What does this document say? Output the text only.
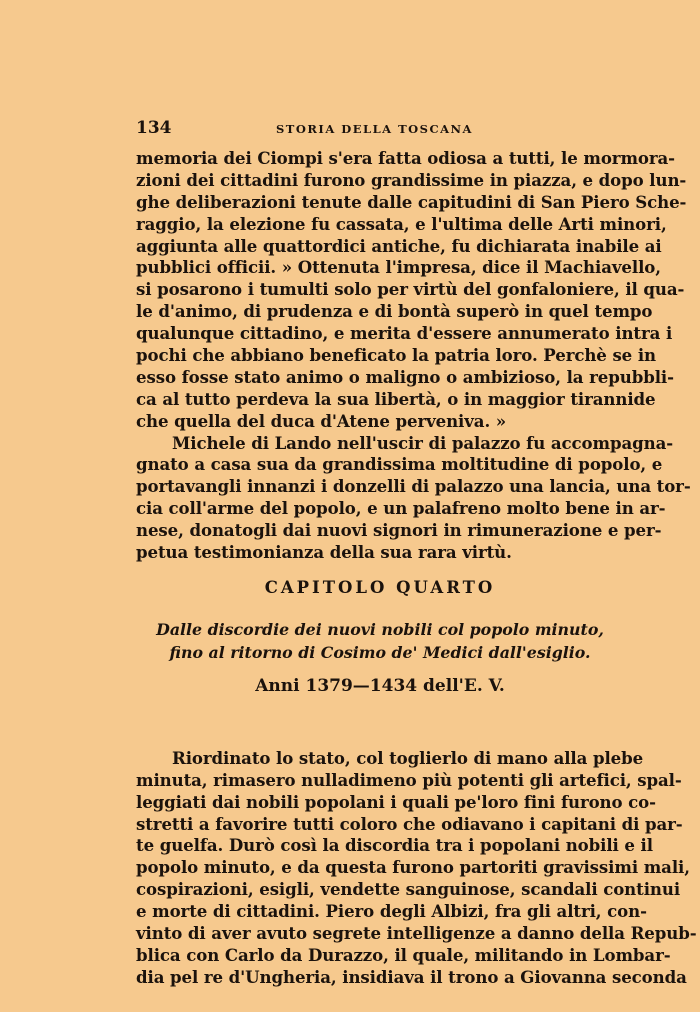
134	STORIA DELLA TOSCANA
memoria dei Ciompi s'era fatta odiosa a tutti, le mormora-
zioni dei cittadini furono grandissime in piazza, e dopo lun-
ghe deliberazioni tenute dalle capitudini di San Piero Sche-
raggio, la elezione fu cassata, e l'ultima delle Arti minori,
aggiunta alle quattordici antiche, fu dichiarata inabile ai
pubblici officii. » Ottenuta l'impresa, dice il Machiavello,
si posarono i tumulti solo per virtù del gonfaloniere, il qua-
le d'animo, di prudenza e di bontà superò in quel tempo
qualunque cittadino, e merita d'essere annumerato intra i
pochi che abbiano beneficato la patria loro. Perchè se in
esso fosse stato animo o maligno o ambizioso, la repubbli-
ca al tutto perdeva la sua libertà, o in maggior tirannide
che quella del duca d'Atene perveniva. »
Michele di Lando nell'uscir di palazzo fu accompagna-
gnato a casa sua da grandissima moltitudine di popolo, e
portavangli innanzi i donzelli di palazzo una lancia, una tor-
cia coll'arme del popolo, e un palafreno molto bene in ar-
nese, donatogli dai nuovi signori in rimunerazione e per-
petua testimonianza della sua rara virtù.
CAPITOLO QUARTO
Dalle discordie dei nuovi nobili col popolo minuto,
fino al ritorno di Cosimo de' Medici dall'esiglio.
Anni 1379—1434 dell'E. V.
Riordinato lo stato, col toglierlo di mano alla plebe
minuta, rimasero nulladimeno più potenti gli artefici, spal-
leggiati dai nobili popolani i quali pe'loro fini furono co-
stretti a favorire tutti coloro che odiavano i capitani di par-
te guelfa. Durò così la discordia tra i popolani nobili e il
popolo minuto, e da questa furono partoriti gravissimi mali,
cospirazioni, esigli, vendette sanguinose, scandali continui
e morte di cittadini. Piero degli Albizi, fra gli altri, con-
vinto di aver avuto segrete intelligenze a danno della Repub-
blica con Carlo da Durazzo, il quale, militando in Lombar-
dia pel re d'Ungheria, insidiava il trono a Giovanna seconda
